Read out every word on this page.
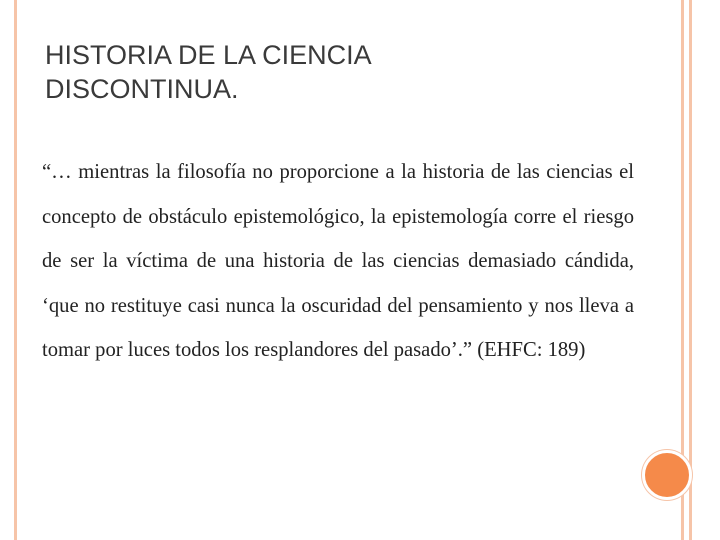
HISTORIA DE LA CIENCIA
DISCONTINUA.

“… mientras la filosofía no proporcione a la historia de las ciencias el concepto de obstáculo epistemológico, la epistemología corre el riesgo de ser la víctima de una historia de las ciencias demasiado cándida, ‘que no restituye casi nunca la oscuridad del pensamiento y nos lleva a tomar por luces todos los resplandores del pasado’.” (EHFC: 189)
